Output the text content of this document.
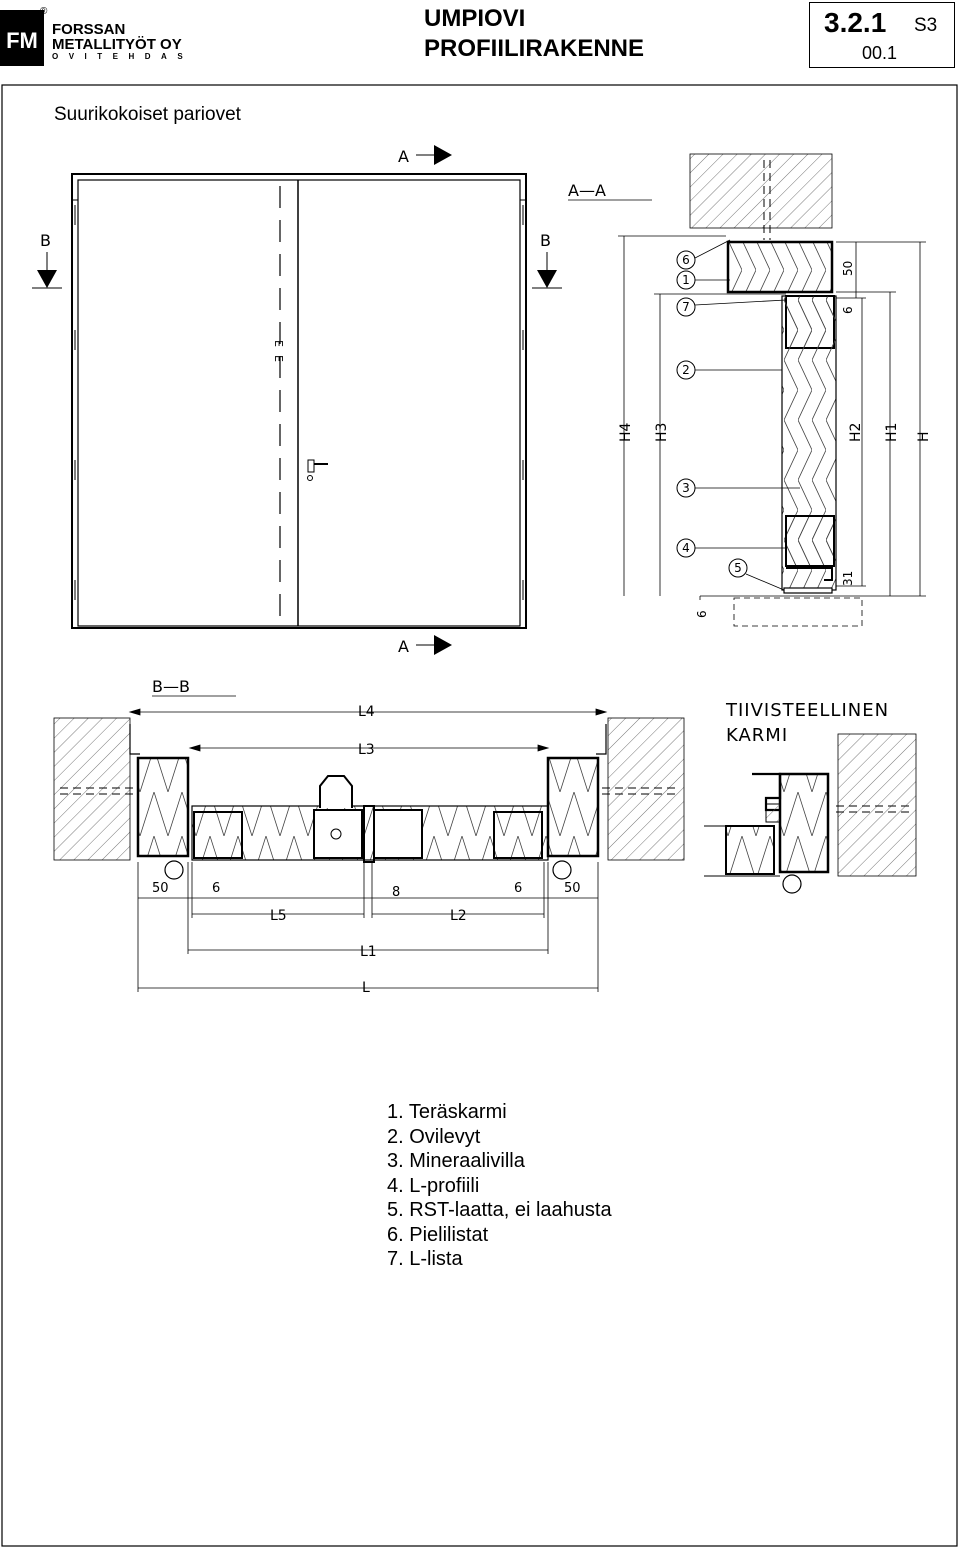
FM
®
FORSSAN
METALLITYÖT OY
OVITEHDAS
UMPIOVI
PROFIILIRAKENNE
3.2.1 S3
00.1
Suurikokoiset pariovet
E
E
A
A
B	B
A—A
6
1
7
2
3
4
5
H4 H3
6
50
6
H2 H1 H
31
B—B
L4
L3
50	6	8	6	50
L5	L2
L1
L
TIIVISTEELLINEN
KARMI
1. Teräskarmi
2. Ovilevyt
3. Mineraalivilla
4. L-profiili
5. RST-laatta, ei laahusta
6. Pielilistat
7. L-lista
